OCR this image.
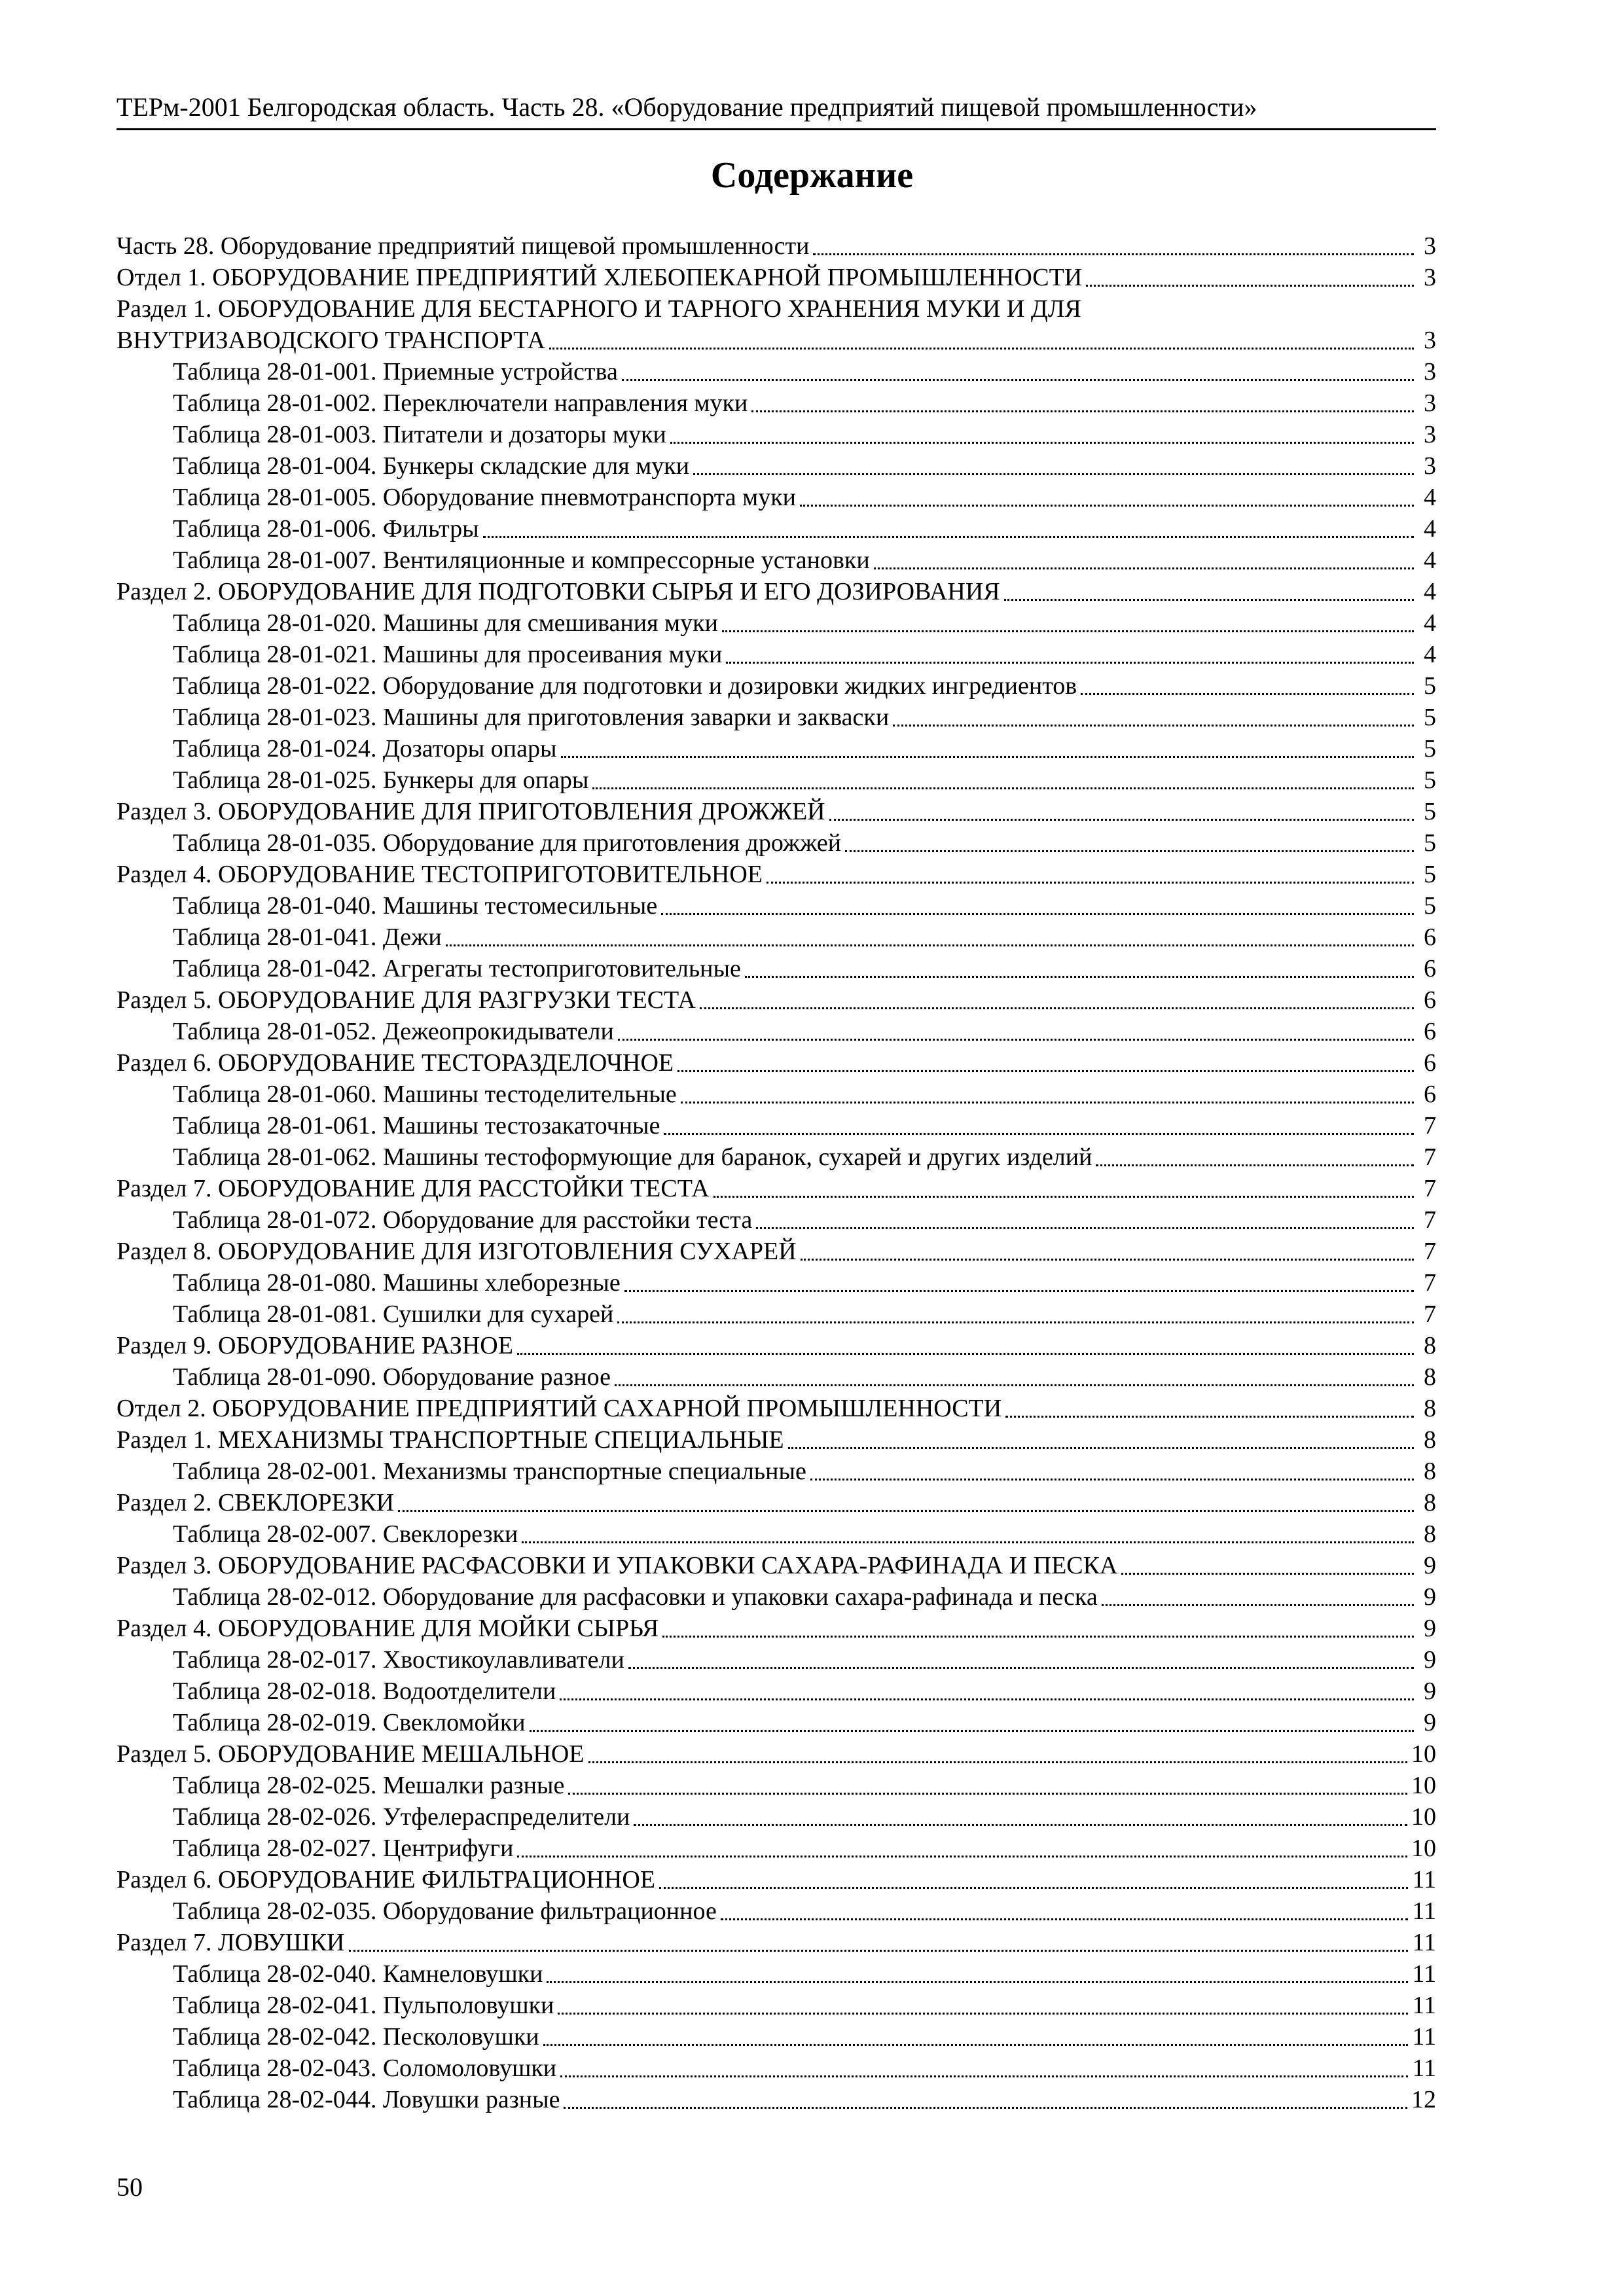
ТЕРм-2001 Белгородская область. Часть 28. «Оборудование предприятий пищевой промышленности»
Содержание
Часть 28. Оборудование предприятий пищевой промышленности	3
Отдел 1. ОБОРУДОВАНИЕ ПРЕДПРИЯТИЙ ХЛЕБОПЕКАРНОЙ ПРОМЫШЛЕННОСТИ	3
Раздел 1. ОБОРУДОВАНИЕ ДЛЯ БЕСТАРНОГО И ТАРНОГО ХРАНЕНИЯ МУКИ И ДЛЯ
ВНУТРИЗАВОДСКОГО ТРАНСПОРТА	3
Таблица 28-01-001. Приемные устройства	3
Таблица 28-01-002. Переключатели направления муки	3
Таблица 28-01-003. Питатели и дозаторы муки	3
Таблица 28-01-004. Бункеры складские для муки	3
Таблица 28-01-005. Оборудование пневмотранспорта муки	4
Таблица 28-01-006. Фильтры	4
Таблица 28-01-007. Вентиляционные и компрессорные установки	4
Раздел 2. ОБОРУДОВАНИЕ ДЛЯ ПОДГОТОВКИ СЫРЬЯ И ЕГО ДОЗИРОВАНИЯ	4
Таблица 28-01-020. Машины для смешивания муки	4
Таблица 28-01-021. Машины для просеивания муки	4
Таблица 28-01-022. Оборудование для подготовки и дозировки жидких ингредиентов	5
Таблица 28-01-023. Машины для приготовления заварки и закваски	5
Таблица 28-01-024. Дозаторы опары	5
Таблица 28-01-025. Бункеры для опары	5
Раздел 3. ОБОРУДОВАНИЕ ДЛЯ ПРИГОТОВЛЕНИЯ ДРОЖЖЕЙ	5
Таблица 28-01-035. Оборудование для приготовления дрожжей	5
Раздел 4. ОБОРУДОВАНИЕ ТЕСТОПРИГОТОВИТЕЛЬНОЕ	5
Таблица 28-01-040. Машины тестомесильные	5
Таблица 28-01-041. Дежи	6
Таблица 28-01-042. Агрегаты тестоприготовительные	6
Раздел 5. ОБОРУДОВАНИЕ ДЛЯ РАЗГРУЗКИ ТЕСТА	6
Таблица 28-01-052. Дежеопрокидыватели	6
Раздел 6. ОБОРУДОВАНИЕ ТЕСТОРАЗДЕЛОЧНОЕ	6
Таблица 28-01-060. Машины тестоделительные	6
Таблица 28-01-061. Машины тестозакаточные	7
Таблица 28-01-062. Машины тестоформующие для баранок, сухарей и других изделий	7
Раздел 7. ОБОРУДОВАНИЕ ДЛЯ РАССТОЙКИ ТЕСТА	7
Таблица 28-01-072. Оборудование для расстойки теста	7
Раздел 8. ОБОРУДОВАНИЕ ДЛЯ ИЗГОТОВЛЕНИЯ СУХАРЕЙ	7
Таблица 28-01-080. Машины хлеборезные	7
Таблица 28-01-081. Сушилки для сухарей	7
Раздел 9. ОБОРУДОВАНИЕ РАЗНОЕ	8
Таблица 28-01-090. Оборудование разное	8
Отдел 2. ОБОРУДОВАНИЕ ПРЕДПРИЯТИЙ САХАРНОЙ ПРОМЫШЛЕННОСТИ	8
Раздел 1. МЕХАНИЗМЫ ТРАНСПОРТНЫЕ СПЕЦИАЛЬНЫЕ	8
Таблица 28-02-001. Механизмы транспортные специальные	8
Раздел 2. СВЕКЛОРЕЗКИ	8
Таблица 28-02-007. Свеклорезки	8
Раздел 3. ОБОРУДОВАНИЕ РАСФАСОВКИ И УПАКОВКИ САХАРА-РАФИНАДА И ПЕСКА	9
Таблица 28-02-012. Оборудование для расфасовки и упаковки сахара-рафинада и песка	9
Раздел 4. ОБОРУДОВАНИЕ ДЛЯ МОЙКИ СЫРЬЯ	9
Таблица 28-02-017. Хвостикоулавливатели	9
Таблица 28-02-018. Водоотделители	9
Таблица 28-02-019. Свекломойки	9
Раздел 5. ОБОРУДОВАНИЕ МЕШАЛЬНОЕ	10
Таблица 28-02-025. Мешалки разные	10
Таблица 28-02-026. Утфелераспределители	10
Таблица 28-02-027. Центрифуги	10
Раздел 6. ОБОРУДОВАНИЕ ФИЛЬТРАЦИОННОЕ	11
Таблица 28-02-035. Оборудование фильтрационное	11
Раздел 7. ЛОВУШКИ	11
Таблица 28-02-040. Камнеловушки	11
Таблица 28-02-041. Пульполовушки	11
Таблица 28-02-042. Песколовушки	11
Таблица 28-02-043. Соломоловушки	11
Таблица 28-02-044. Ловушки разные	12
50
